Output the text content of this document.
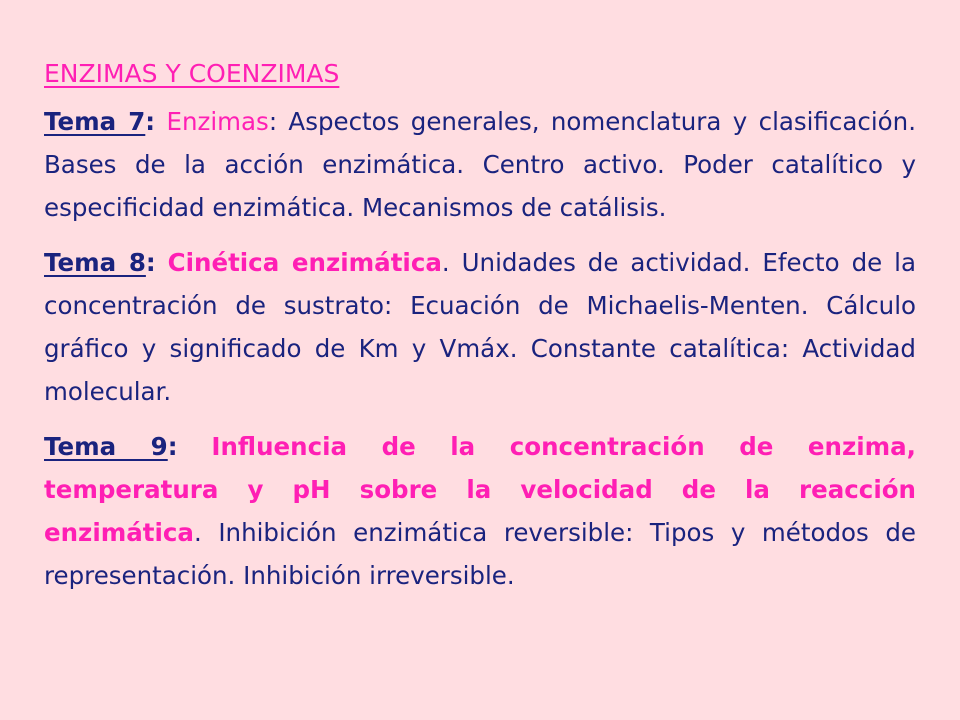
ENZIMAS Y COENZIMAS

Tema 7: Enzimas: Aspectos generales, nomenclatura y clasificación. Bases de la acción enzimática. Centro activo. Poder catalítico y especificidad enzimática. Mecanismos de catálisis.

Tema 8: Cinética enzimática. Unidades de actividad. Efecto de la concentración de sustrato: Ecuación de Michaelis-Menten. Cálculo gráfico y significado de Km y Vmáx. Constante catalítica: Actividad molecular.

Tema 9: Influencia de la concentración de enzima, temperatura y pH sobre la velocidad de la reacción enzimática. Inhibición enzimática reversible: Tipos y métodos de representación. Inhibición irreversible.
